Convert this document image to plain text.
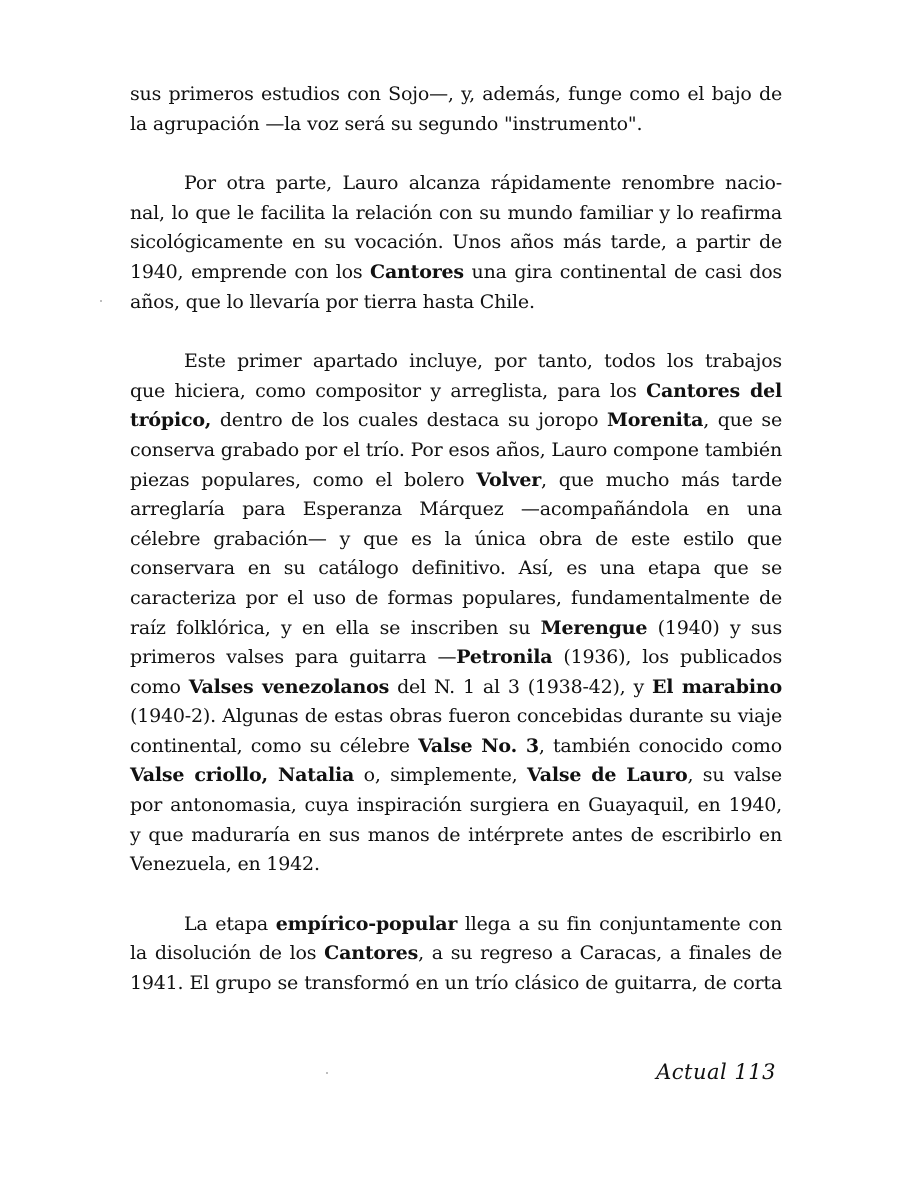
sus primeros estudios con Sojo—, y, además, funge como el bajo de
la agrupación —la voz será su segundo "instrumento".

Por otra parte, Lauro alcanza rápidamente renombre nacio-
nal, lo que le facilita la relación con su mundo familiar y lo reafirma
sicológicamente en su vocación. Unos años más tarde, a partir de
1940, emprende con los Cantores una gira continental de casi dos
años, que lo llevaría por tierra hasta Chile.

Este primer apartado incluye, por tanto, todos los trabajos
que hiciera, como compositor y arreglista, para los Cantores del
trópico, dentro de los cuales destaca su joropo Morenita, que se
conserva grabado por el trío. Por esos años, Lauro compone también
piezas populares, como el bolero Volver, que mucho más tarde
arreglaría para Esperanza Márquez —acompañándola en una
célebre grabación— y que es la única obra de este estilo que
conservara en su catálogo definitivo. Así, es una etapa que se
caracteriza por el uso de formas populares, fundamentalmente de
raíz folklórica, y en ella se inscriben su Merengue (1940) y sus
primeros valses para guitarra —Petronila (1936), los publicados
como Valses venezolanos del N. 1 al 3 (1938-42), y El marabino
(1940-2). Algunas de estas obras fueron concebidas durante su viaje
continental, como su célebre Valse No. 3, también conocido como
Valse criollo, Natalia o, simplemente, Valse de Lauro, su valse
por antonomasia, cuya inspiración surgiera en Guayaquil, en 1940,
y que maduraría en sus manos de intérprete antes de escribirlo en
Venezuela, en 1942.

La etapa empírico-popular llega a su fin conjuntamente con
la disolución de los Cantores, a su regreso a Caracas, a finales de
1941. El grupo se transformó en un trío clásico de guitarra, de corta

Actual 113
